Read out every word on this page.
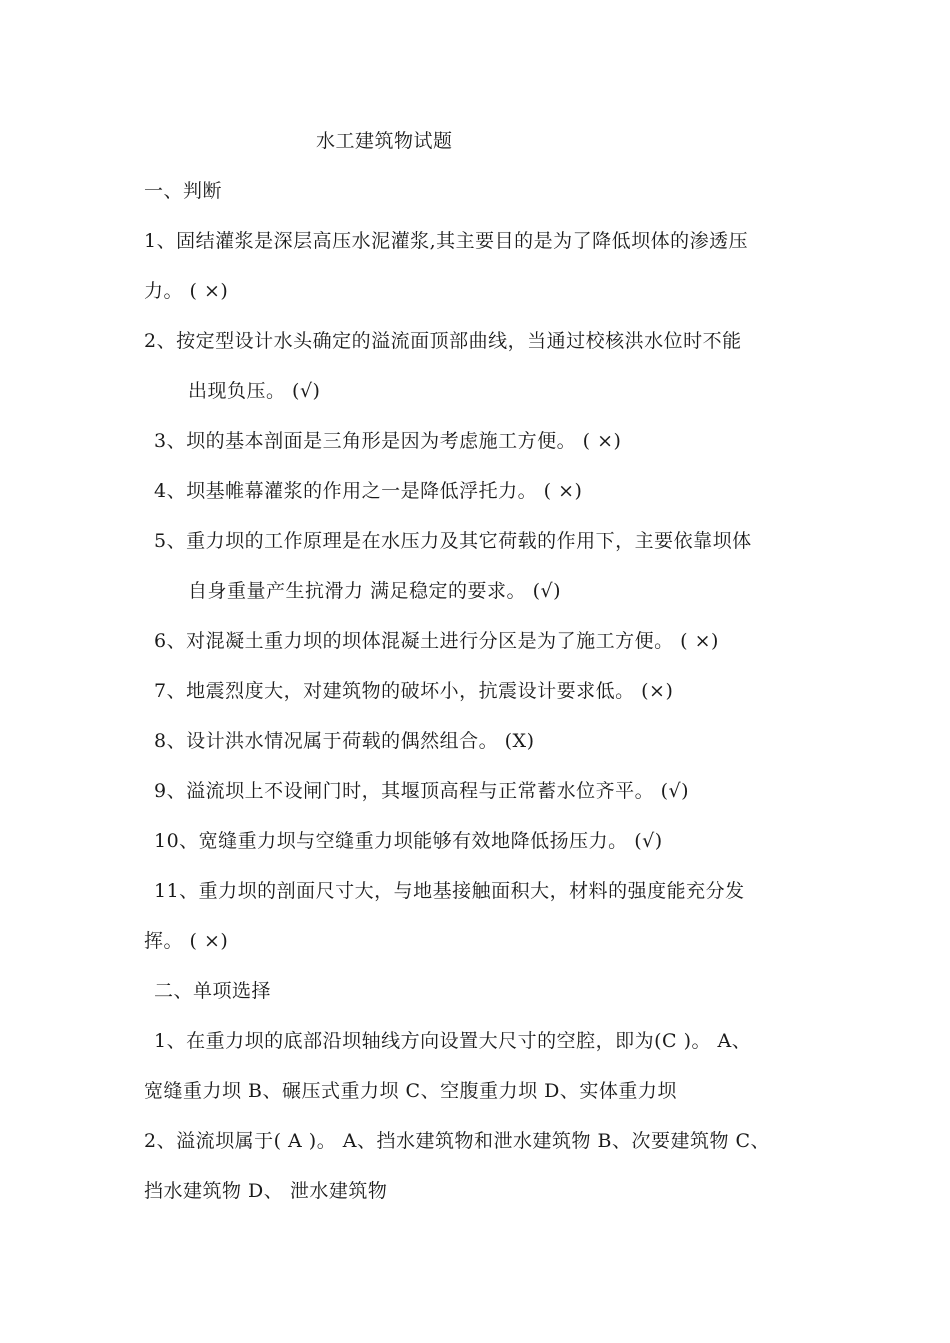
水工建筑物试题
一、判断
1、固结灌浆是深层高压水泥灌浆,其主要目的是为了降低坝体的渗透压
力。 ( ×)
2、按定型设计水头确定的溢流面顶部曲线，当通过校核洪水位时不能
出现负压。 (√)
3、坝的基本剖面是三角形是因为考虑施工方便。 ( ×)
4、坝基帷幕灌浆的作用之一是降低浮托力。 ( ×)
5、重力坝的工作原理是在水压力及其它荷载的作用下，主要依靠坝体
自身重量产生抗滑力 满足稳定的要求。 (√)
6、对混凝土重力坝的坝体混凝土进行分区是为了施工方便。 ( ×)
7、地震烈度大，对建筑物的破坏小，抗震设计要求低。 (×)
8、设计洪水情况属于荷载的偶然组合。 (X)
9、溢流坝上不设闸门时，其堰顶高程与正常蓄水位齐平。 (√)
10、宽缝重力坝与空缝重力坝能够有效地降低扬压力。 (√)
11、重力坝的剖面尺寸大，与地基接触面积大，材料的强度能充分发
挥。 ( ×)
二、单项选择
1、在重力坝的底部沿坝轴线方向设置大尺寸的空腔，即为(C )。 A、
宽缝重力坝 B、碾压式重力坝 C、空腹重力坝 D、实体重力坝
2、溢流坝属于( A )。 A、挡水建筑物和泄水建筑物 B、次要建筑物 C、
挡水建筑物 D、 泄水建筑物
